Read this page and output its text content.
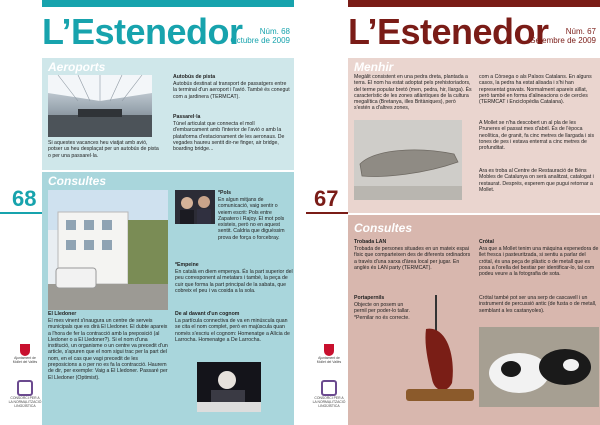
L’Estenedor	Núm. 68
Octubre de 2009
Aeroports
Si aquestes vacances heu viatjat amb avió, potser us heu desplaçat per un autobús de pista o per una passarel·la.
Autobús de pista
Autobús destinat al transport de passatgers entre la terminal d'un aeroport i l'avió. També és conegut com a jardinera (TERMCAT).
Passarel·la
Túnel articulat que connecta el moll d'embarcament amb l'interior de l'avió o amb la plataforma d'estacionament de les aeronaus. De vegades haureu sentit dir-ne finger, air bridge, boarding bridge...
Consultes
*Pols
En algun mitjans de comunicació, vaig sentir o veiem escrit: Pols entre Zapatero i Rajoy. El mot pols existeix, però no en aquest sentit. Caldria que diguéssim prova de força o forcebray.
*Empeine
En català en diem empenya. És la part superior del peu corresponent al metatars i també, la peça de cuir que forma la part principal de la sabata, que cobreix el peu i va cosida a la sola.
De al davant d'un cognom
La partícula connectiva de va en minúscula quan se cita el nom complet, però en majúscula quan només s'escriu el cognom: Homenatge a Alícia de Larrocha. Homenatge a De Larrocha.
El Lledoner
El mes vinent s'inaugura un centre de serveis municipals que es dirà El Lledoner. El dubte apareix a l'hora de fer la contracció amb la preposició (al Lledoner o a El Lledoner?). Si el nom d'una institució, un organisme o un centre va precedit d'un article, s'apuren que el nom sigui trac per la part del nom, en el cas que vagi precedit de les preposicions a o per no es fa la contracció. Haurem de dir, per exemple: Vaig a El Lledoner. Passaré per El Lledoner (Optimist).
68
Ajuntament de Mollet del Vallès
CONSORCI PER A LA NORMALITZACIÓ LINGÜÍSTICA
L’Estenedor	Núm. 67
Setembre de 2009
Menhir
Megàlit consistent en una pedra dreta, plantada a terra. El nom ha estat adoptat pels prehistoriadors, del terme popular bretó (men, pedra, hir, llarga). És característic de les zones atlàntiques de la cultura megalítica (Bretanya, illes Britàniques), però s'estén a d'altres zones,
com a Còrsega o als Països Catalans. En alguns casos, la pedra ha estat alisada i s'hi han representat gravats. Normalment apareix aïllat, però també en forma d'alineacions o de cercles (TERMCAT i Enciclopèdia Catalana).
A Mollet se n'ha descobert un al pla de les Pruneres el passat mes d'abril. És de l'època neolítica, de granit, fa cinc metres de llargada i sis tones de pes i estava enterrat a cinc metres de profunditat.
Ara es troba al Centre de Restauració de Béns Mobles de Catalunya on serà analitzat, catalogat i restaurat. Després, esperem que pugui retornar a Mollet.
Consultes
Trobada LAN
Trobada de persones situades en un mateix espai físic que comparteixen des de diferents ordinadors a través d'una xarxa d'àrea local per jugar. En anglès és LAN party (TERMCAT).
Crótal
Ara que a Mollet tenim una màquina expenedora de llet fresca i pasteuritzada, si sentiu a parlar del crótal, és una peça de plàstic o de metall que es posa a l'orella del bestiar per identificar-lo, tal com podeu veure a la fotografia de sota.
Crótal també pot ser una serp de cascavell i un instrument de percussió antic (de fusta o de metall, semblant a les castanyoles).
Portapernils
Objecte on posem un pernil per poder-lo tallar. *Pernilar no és correcte.
67
Ajuntament de Mollet del Vallès
CONSORCI PER A LA NORMALITZACIÓ LINGÜÍSTICA
